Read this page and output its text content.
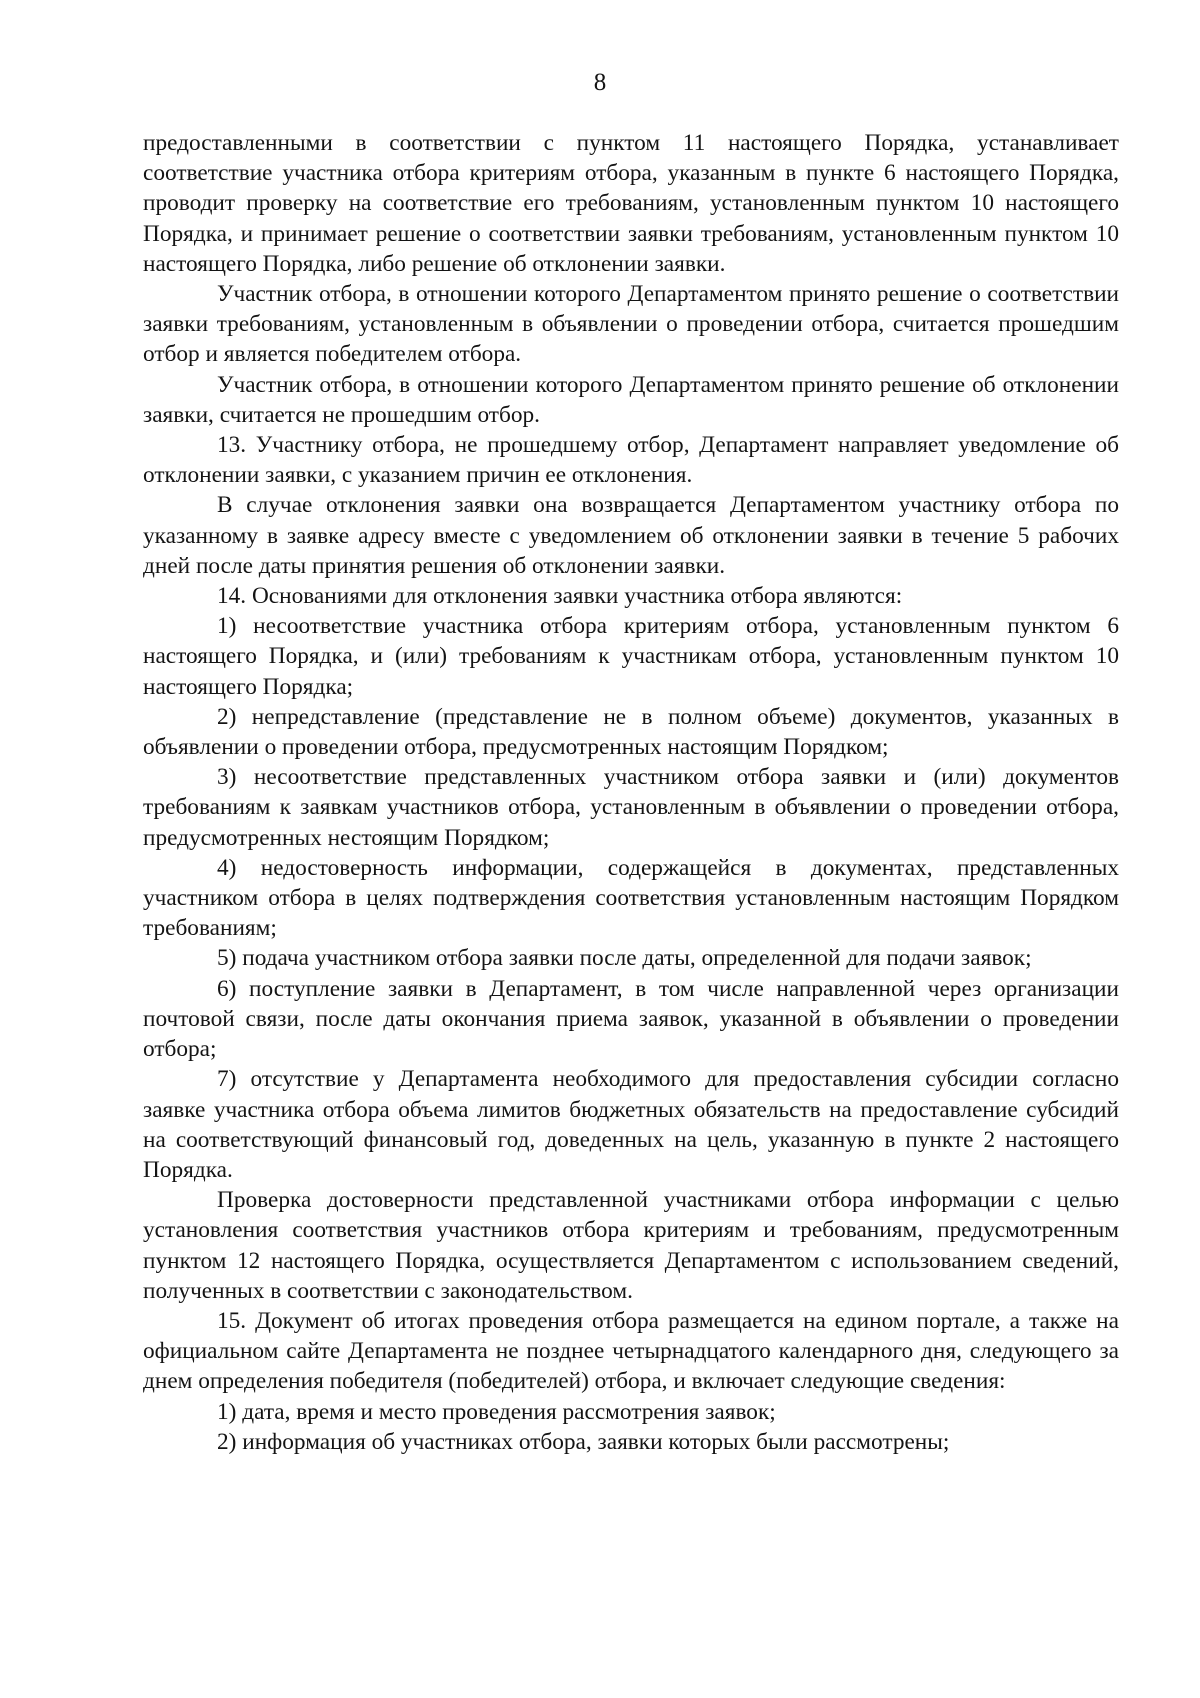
8

предоставленными в соответствии с пунктом 11 настоящего Порядка, устанавливает соответствие участника отбора критериям отбора, указанным в пункте 6 настоящего Порядка, проводит проверку на соответствие его требованиям, установленным пунктом 10 настоящего Порядка, и принимает решение о соответствии заявки требованиям, установленным пунктом 10 настоящего Порядка, либо решение об отклонении заявки.

Участник отбора, в отношении которого Департаментом принято решение о соответствии заявки требованиям, установленным в объявлении о проведении отбора, считается прошедшим отбор и является победителем отбора.

Участник отбора, в отношении которого Департаментом принято решение об отклонении заявки, считается не прошедшим отбор.

13. Участнику отбора, не прошедшему отбор, Департамент направляет уведомление об отклонении заявки, с указанием причин ее отклонения.

В случае отклонения заявки она возвращается Департаментом участнику отбора по указанному в заявке адресу вместе с уведомлением об отклонении заявки в течение 5 рабочих дней после даты принятия решения об отклонении заявки.

14. Основаниями для отклонения заявки участника отбора являются:

1) несоответствие участника отбора критериям отбора, установленным пунктом 6 настоящего Порядка, и (или) требованиям к участникам отбора, установленным пунктом 10 настоящего Порядка;

2) непредставление (представление не в полном объеме) документов, указанных в объявлении о проведении отбора, предусмотренных настоящим Порядком;

3) несоответствие представленных участником отбора заявки и (или) документов требованиям к заявкам участников отбора, установленным в объявлении о проведении отбора, предусмотренных нестоящим Порядком;

4) недостоверность информации, содержащейся в документах, представленных участником отбора в целях подтверждения соответствия установленным настоящим Порядком требованиям;

5) подача участником отбора заявки после даты, определенной для подачи заявок;

6) поступление заявки в Департамент, в том числе направленной через организации почтовой связи, после даты окончания приема заявок, указанной в объявлении о проведении отбора;

7) отсутствие у Департамента необходимого для предоставления субсидии согласно заявке участника отбора объема лимитов бюджетных обязательств на предоставление субсидий на соответствующий финансовый год, доведенных на цель, указанную в пункте 2 настоящего Порядка.

Проверка достоверности представленной участниками отбора информации с целью установления соответствия участников отбора критериям и требованиям, предусмотренным пунктом 12 настоящего Порядка, осуществляется Департаментом с использованием сведений, полученных в соответствии с законодательством.

15. Документ об итогах проведения отбора размещается на едином портале, а также на официальном сайте Департамента не позднее четырнадцатого календарного дня, следующего за днем определения победителя (победителей) отбора, и включает следующие сведения:

1) дата, время и место проведения рассмотрения заявок;

2) информация об участниках отбора, заявки которых были рассмотрены;
